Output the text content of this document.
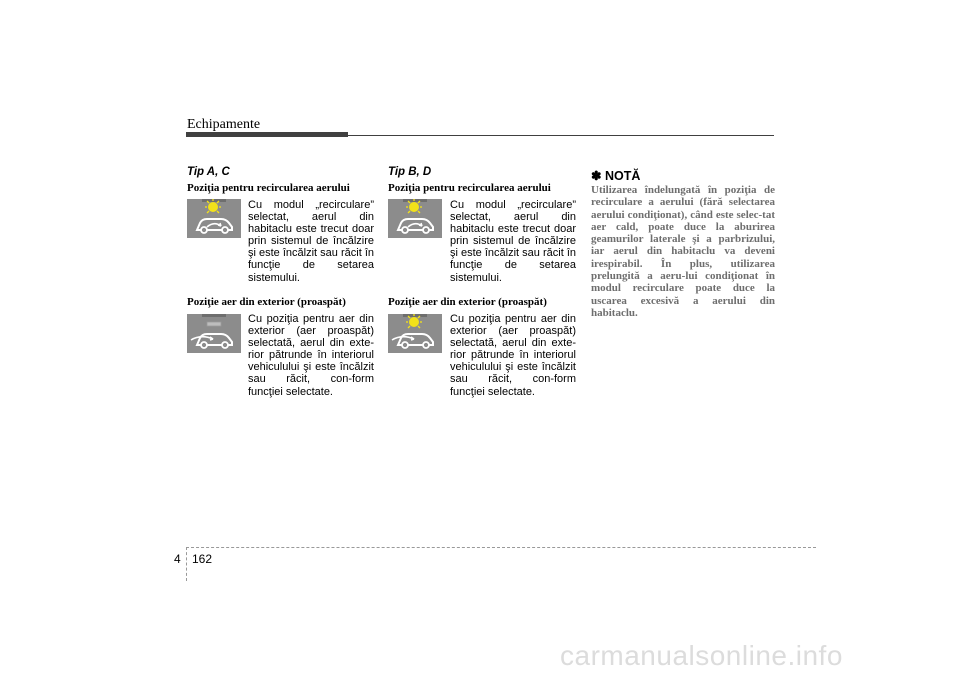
Echipamente
Tip A, C
Poziţia pentru recircularea aerului
Cu modul „recirculare” selectat, aerul din habitaclu este trecut doar prin sistemul de încălzire şi este încălzit sau răcit în funcţie de setarea sistemului.
Poziţie aer din exterior (proaspăt)
Cu poziţia pentru aer din exterior (aer proaspăt) selectată, aerul din exte-rior pătrunde în interiorul vehiculului şi este încălzit sau răcit, con-form funcţiei selectate.
Tip B, D
Poziţia pentru recircularea aerului
Cu modul „recirculare” selectat, aerul din habitaclu este trecut doar prin sistemul de încălzire şi este încălzit sau răcit în funcţie de setarea sistemului.
Poziţie aer din exterior (proaspăt)
Cu poziţia pentru aer din exterior (aer proaspăt) selectată, aerul din exte-rior pătrunde în interiorul vehiculului şi este încălzit sau răcit, con-form funcţiei selectate.
✽ NOTĂ
Utilizarea îndelungată în poziţia de recirculare a aerului (fără selectarea aerului condiţionat), când este selec-tat aer cald, poate duce la aburirea geamurilor laterale şi a parbrizului, iar aerul din habitaclu va deveni irespirabil. În plus, utilizarea prelungită a aeru-lui condiţionat în modul recirculare poate duce la uscarea excesivă a aerului din habitaclu.
4 162
carmanualsonline.info
